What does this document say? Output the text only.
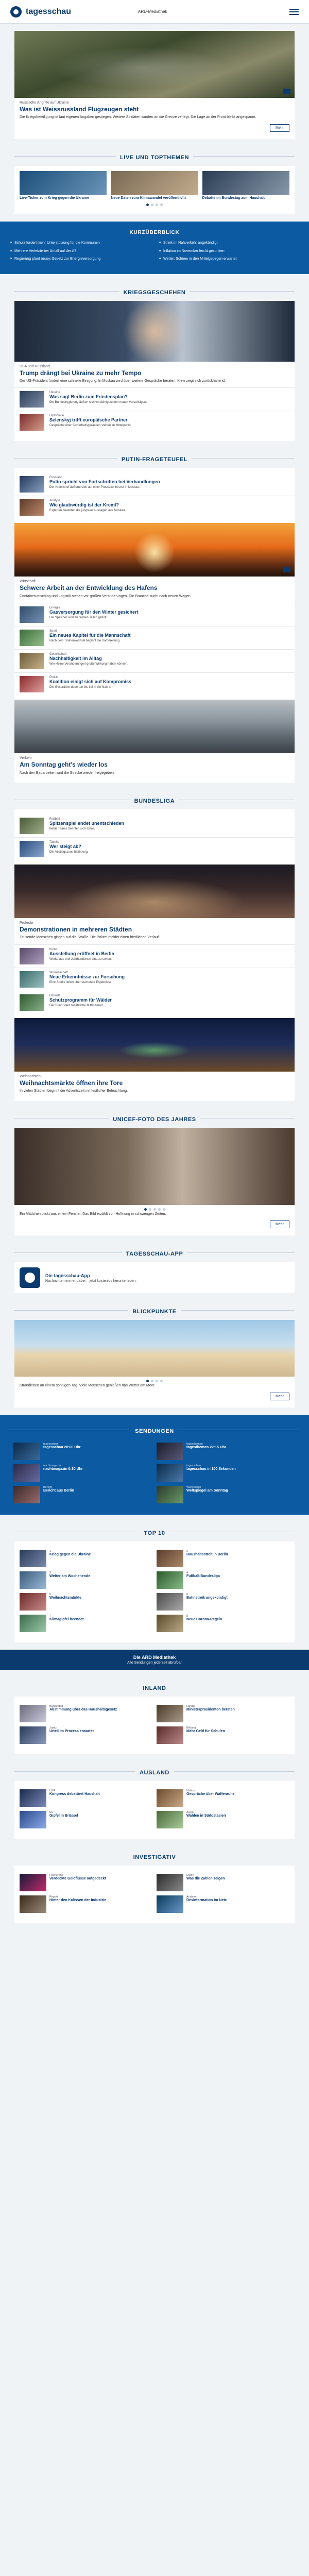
tagesschau	ARD-Mediathek
Russische Angriffe auf Ukraine
Was ist Weissrussland Flugzeugen steht
Die Kriegsbeteiligung ist laut eigenen Angaben gestiegen. Weitere Soldaten wurden an die Grenze verlegt. Die Lage an der Front bleibt angespannt.
Mehr
LIVE UND TOPTHEMEN
Live-Ticker zum Krieg gegen die Ukraine	Neue Daten zum Klimawandel veröffentlicht	Debatte im Bundestag zum Haushalt
KURZÜBERBLICK
■ Schulz fordert mehr Unterstützung für die Kommunen
■ Mehrere Verletzte bei Unfall auf der A7
■ Regierung plant neues Gesetz zur Energieversorgung
■ Streik im Nahverkehr angekündigt
■ Inflation im November leicht gesunken
■ Wetter: Schnee in den Mittelgebirgen erwartet
KRIEGSGESCHEHEN
USA und Russland
Trump drängt bei Ukraine zu mehr Tempo
Der US-Präsident fordert eine schnelle Einigung. In Moskau wird über weitere Gespräche beraten. Kiew zeigt sich zurückhaltend.
Ukraine
Was sagt Berlin zum Friedensplan?
Die Bundesregierung äußert sich vorsichtig zu den neuen Vorschlägen.
Diplomatie
Selenskyj trifft europäische Partner
Gespräche über Sicherheitsgarantien stehen im Mittelpunkt.
PUTIN-FRAGETEUFEL
Russland
Putin spricht von Fortschritten bei Verhandlungen
Der Kremlchef äußerte sich auf einer Pressekonferenz in Moskau.
Analyse
Wie glaubwürdig ist der Kreml?
Experten bewerten die jüngsten Aussagen aus Moskau.
Wirtschaft
Schwere Arbeit an der Entwicklung des Hafens
Containerumschlag und Logistik stehen vor großen Veränderungen. Die Branche sucht nach neuen Wegen.
Energie
Gasversorgung für den Winter gesichert
Die Speicher sind zu großen Teilen gefüllt.
Sport
Ein neues Kapitel für die Mannschaft
Nach dem Trainerwechsel beginnt die Vorbereitung.
Gesellschaft
Nachhaltigkeit im Alltag
Wie kleine Veränderungen große Wirkung haben können.
Politik
Koalition einigt sich auf Kompromiss
Die Gespräche dauerten bis tief in die Nacht.
Verkehr
Am Sonntag geht's wieder los
Nach den Bauarbeiten wird die Strecke wieder freigegeben.
BUNDESLIGA
Fußball
Spitzenspiel endet unentschieden
Beide Teams trennten sich torlos.
Tabelle
Wer steigt ab?
Die Abstiegszone bleibt eng.
Proteste
Demonstrationen in mehreren Städten
Tausende Menschen gingen auf die Straße. Die Polizei meldet einen friedlichen Verlauf.
Kultur
Ausstellung eröffnet in Berlin
Werke aus drei Jahrhunderten sind zu sehen.
Wissenschaft
Neue Erkenntnisse zur Forschung
Eine Studie liefert überraschende Ergebnisse.
Umwelt
Schutzprogramm für Wälder
Der Bund stellt zusätzliche Mittel bereit.
Weihnachten
Weihnachtsmärkte öffnen ihre Tore
In vielen Städten beginnt die Adventszeit mit festlicher Beleuchtung.
UNICEF-FOTO DES JAHRES
Ein Mädchen blickt aus einem Fenster. Das Bild erzählt von Hoffnung in schwierigen Zeiten.
Mehr
TAGESSCHAU-APP
Die tagesschau-App
Nachrichten immer dabei – jetzt kostenlos herunterladen.
BLICKPUNKTE
Strandleben an einem sonnigen Tag. Viele Menschen genießen das Wetter am Meer.
Mehr
SENDUNGEN
tagesschau
tagesschau 20:00 Uhr
tagesthemen
tagesthemen 22:15 Uhr
nachtmagazin
nachtmagazin 0:30 Uhr
tagesschau
tagesschau in 100 Sekunden
Bericht
Bericht aus Berlin
Weltspiegel
Weltspiegel am Sonntag
TOP 10
1
Krieg gegen die Ukraine
2
Haushaltsstreit in Berlin
3
Wetter am Wochenende
4
Fußball-Bundesliga
5
Weihnachtsmärkte
6
Bahnstreik angekündigt
7
Klimagipfel beendet
8
Neue Corona-Regeln
Die ARD Mediathek
Alle Sendungen jederzeit abrufbar
INLAND
Bundestag
Abstimmung über das Haushaltsgesetz
Länder
Ministerpräsidenten beraten
Justiz
Urteil im Prozess erwartet
Bildung
Mehr Geld für Schulen
AUSLAND
USA
Kongress debattiert Haushalt
Nahost
Gespräche über Waffenruhe
EU
Gipfel in Brüssel
Asien
Wahlen in Südostasien
INVESTIGATIV
Recherche
Verdeckte Geldflüsse aufgedeckt
Daten
Was die Zahlen zeigen
Report
Hinter den Kulissen der Industrie
Analyse
Desinformation im Netz
